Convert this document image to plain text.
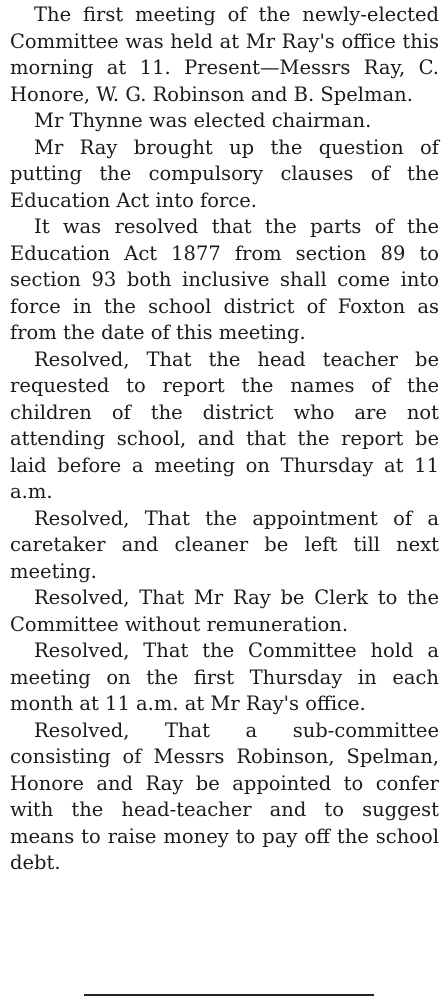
The first meeting of the newly-elected Committee was held at Mr Ray's office this morning at 11. Present—Messrs Ray, C. Honore, W. G. Robinson and B. Spelman.

Mr Thynne was elected chairman.

Mr Ray brought up the question of putting the compulsory clauses of the Education Act into force.

It was resolved that the parts of the Education Act 1877 from section 89 to section 93 both inclusive shall come into force in the school district of Foxton as from the date of this meeting.

Resolved, That the head teacher be requested to report the names of the children of the district who are not attending school, and that the report be laid before a meeting on Thursday at 11 a.m.

Resolved, That the appointment of a caretaker and cleaner be left till next meeting.

Resolved, That Mr Ray be Clerk to the Committee without remuneration.

Resolved, That the Committee hold a meeting on the first Thursday in each month at 11 a.m. at Mr Ray's office.

Resolved, That a sub-committee consisting of Messrs Robinson, Spelman, Honore and Ray be appointed to confer with the head-teacher and to suggest means to raise money to pay off the school debt.
